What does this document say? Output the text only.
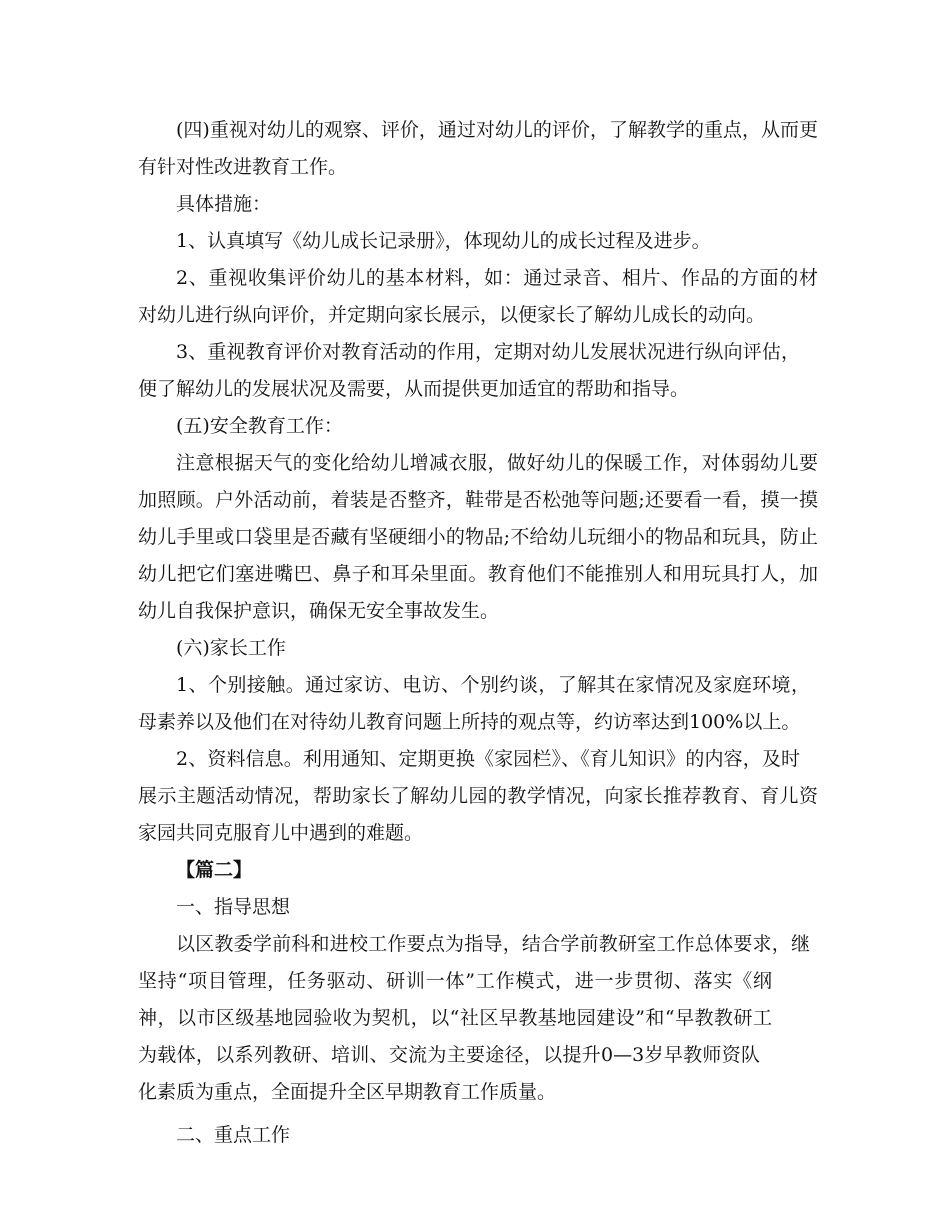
(四)重视对幼儿的观察、评价，通过对幼儿的评价，了解教学的重点，从而更
有针对性改进教育工作。
具体措施：
1、认真填写《幼儿成长记录册》，体现幼儿的成长过程及进步。
2、重视收集评价幼儿的基本材料，如：通过录音、相片、作品的方面的材
对幼儿进行纵向评价，并定期向家长展示，以便家长了解幼儿成长的动向。
3、重视教育评价对教育活动的作用，定期对幼儿发展状况进行纵向评估，
便了解幼儿的发展状况及需要，从而提供更加适宜的帮助和指导。
(五)安全教育工作：
注意根据天气的变化给幼儿增减衣服，做好幼儿的保暖工作，对体弱幼儿要
加照顾。户外活动前，着装是否整齐，鞋带是否松弛等问题;还要看一看，摸一摸
幼儿手里或口袋里是否藏有坚硬细小的物品;不给幼儿玩细小的物品和玩具，防止
幼儿把它们塞进嘴巴、鼻子和耳朵里面。教育他们不能推别人和用玩具打人，加
幼儿自我保护意识，确保无安全事故发生。
(六)家长工作
1、个别接触。通过家访、电访、个别约谈，了解其在家情况及家庭环境，
母素养以及他们在对待幼儿教育问题上所持的观点等，约访率达到100%以上。
2、资料信息。利用通知、定期更换《家园栏》、《育儿知识》的内容，及时
展示主题活动情况，帮助家长了解幼儿园的教学情况，向家长推荐教育、育儿资
家园共同克服育儿中遇到的难题。
【篇二】
一、指导思想
以区教委学前科和进校工作要点为指导，结合学前教研室工作总体要求，继
坚持“项目管理，任务驱动、研训一体”工作模式，进一步贯彻、落实《纲
神，以市区级基地园验收为契机，以“社区早教基地园建设”和“早教教研工
为载体，以系列教研、培训、交流为主要途径，以提升0—3岁早教师资队
化素质为重点，全面提升全区早期教育工作质量。
二、重点工作
